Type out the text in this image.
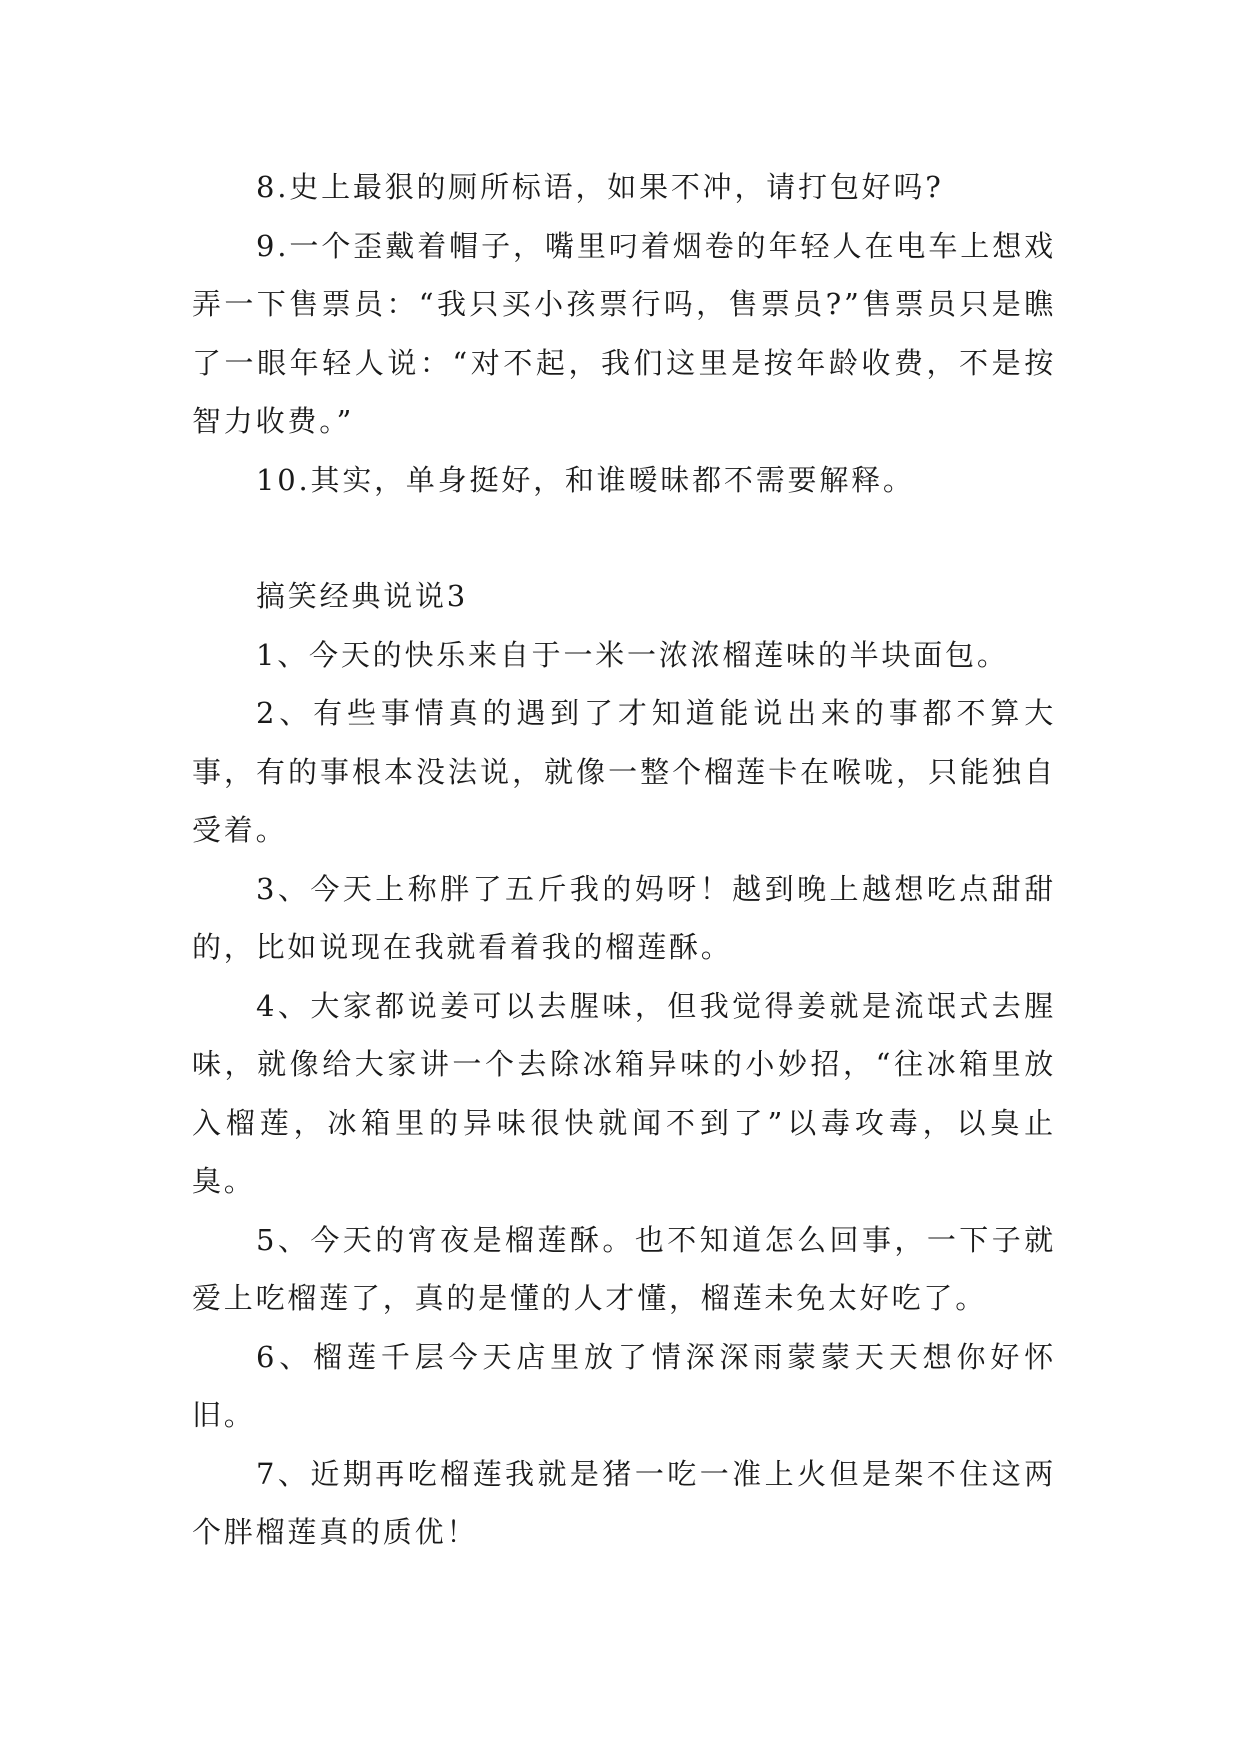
8.史上最狠的厕所标语，如果不冲，请打包好吗?

9.一个歪戴着帽子，嘴里叼着烟卷的年轻人在电车上想戏弄一下售票员：“我只买小孩票行吗，售票员?”售票员只是瞧了一眼年轻人说：“对不起，我们这里是按年龄收费，不是按智力收费。”

10.其实，单身挺好，和谁暧昧都不需要解释。

搞笑经典说说3

1、今天的快乐来自于一米一浓浓榴莲味的半块面包。

2、有些事情真的遇到了才知道能说出来的事都不算大事，有的事根本没法说，就像一整个榴莲卡在喉咙，只能独自受着。

3、今天上称胖了五斤我的妈呀！越到晚上越想吃点甜甜的，比如说现在我就看着我的榴莲酥。

4、大家都说姜可以去腥味，但我觉得姜就是流氓式去腥味，就像给大家讲一个去除冰箱异味的小妙招，“往冰箱里放入榴莲，冰箱里的异味很快就闻不到了”以毒攻毒，以臭止臭。

5、今天的宵夜是榴莲酥。也不知道怎么回事，一下子就爱上吃榴莲了，真的是懂的人才懂，榴莲未免太好吃了。

6、榴莲千层今天店里放了情深深雨蒙蒙天天想你好怀旧。

7、近期再吃榴莲我就是猪一吃一准上火但是架不住这两个胖榴莲真的质优！
